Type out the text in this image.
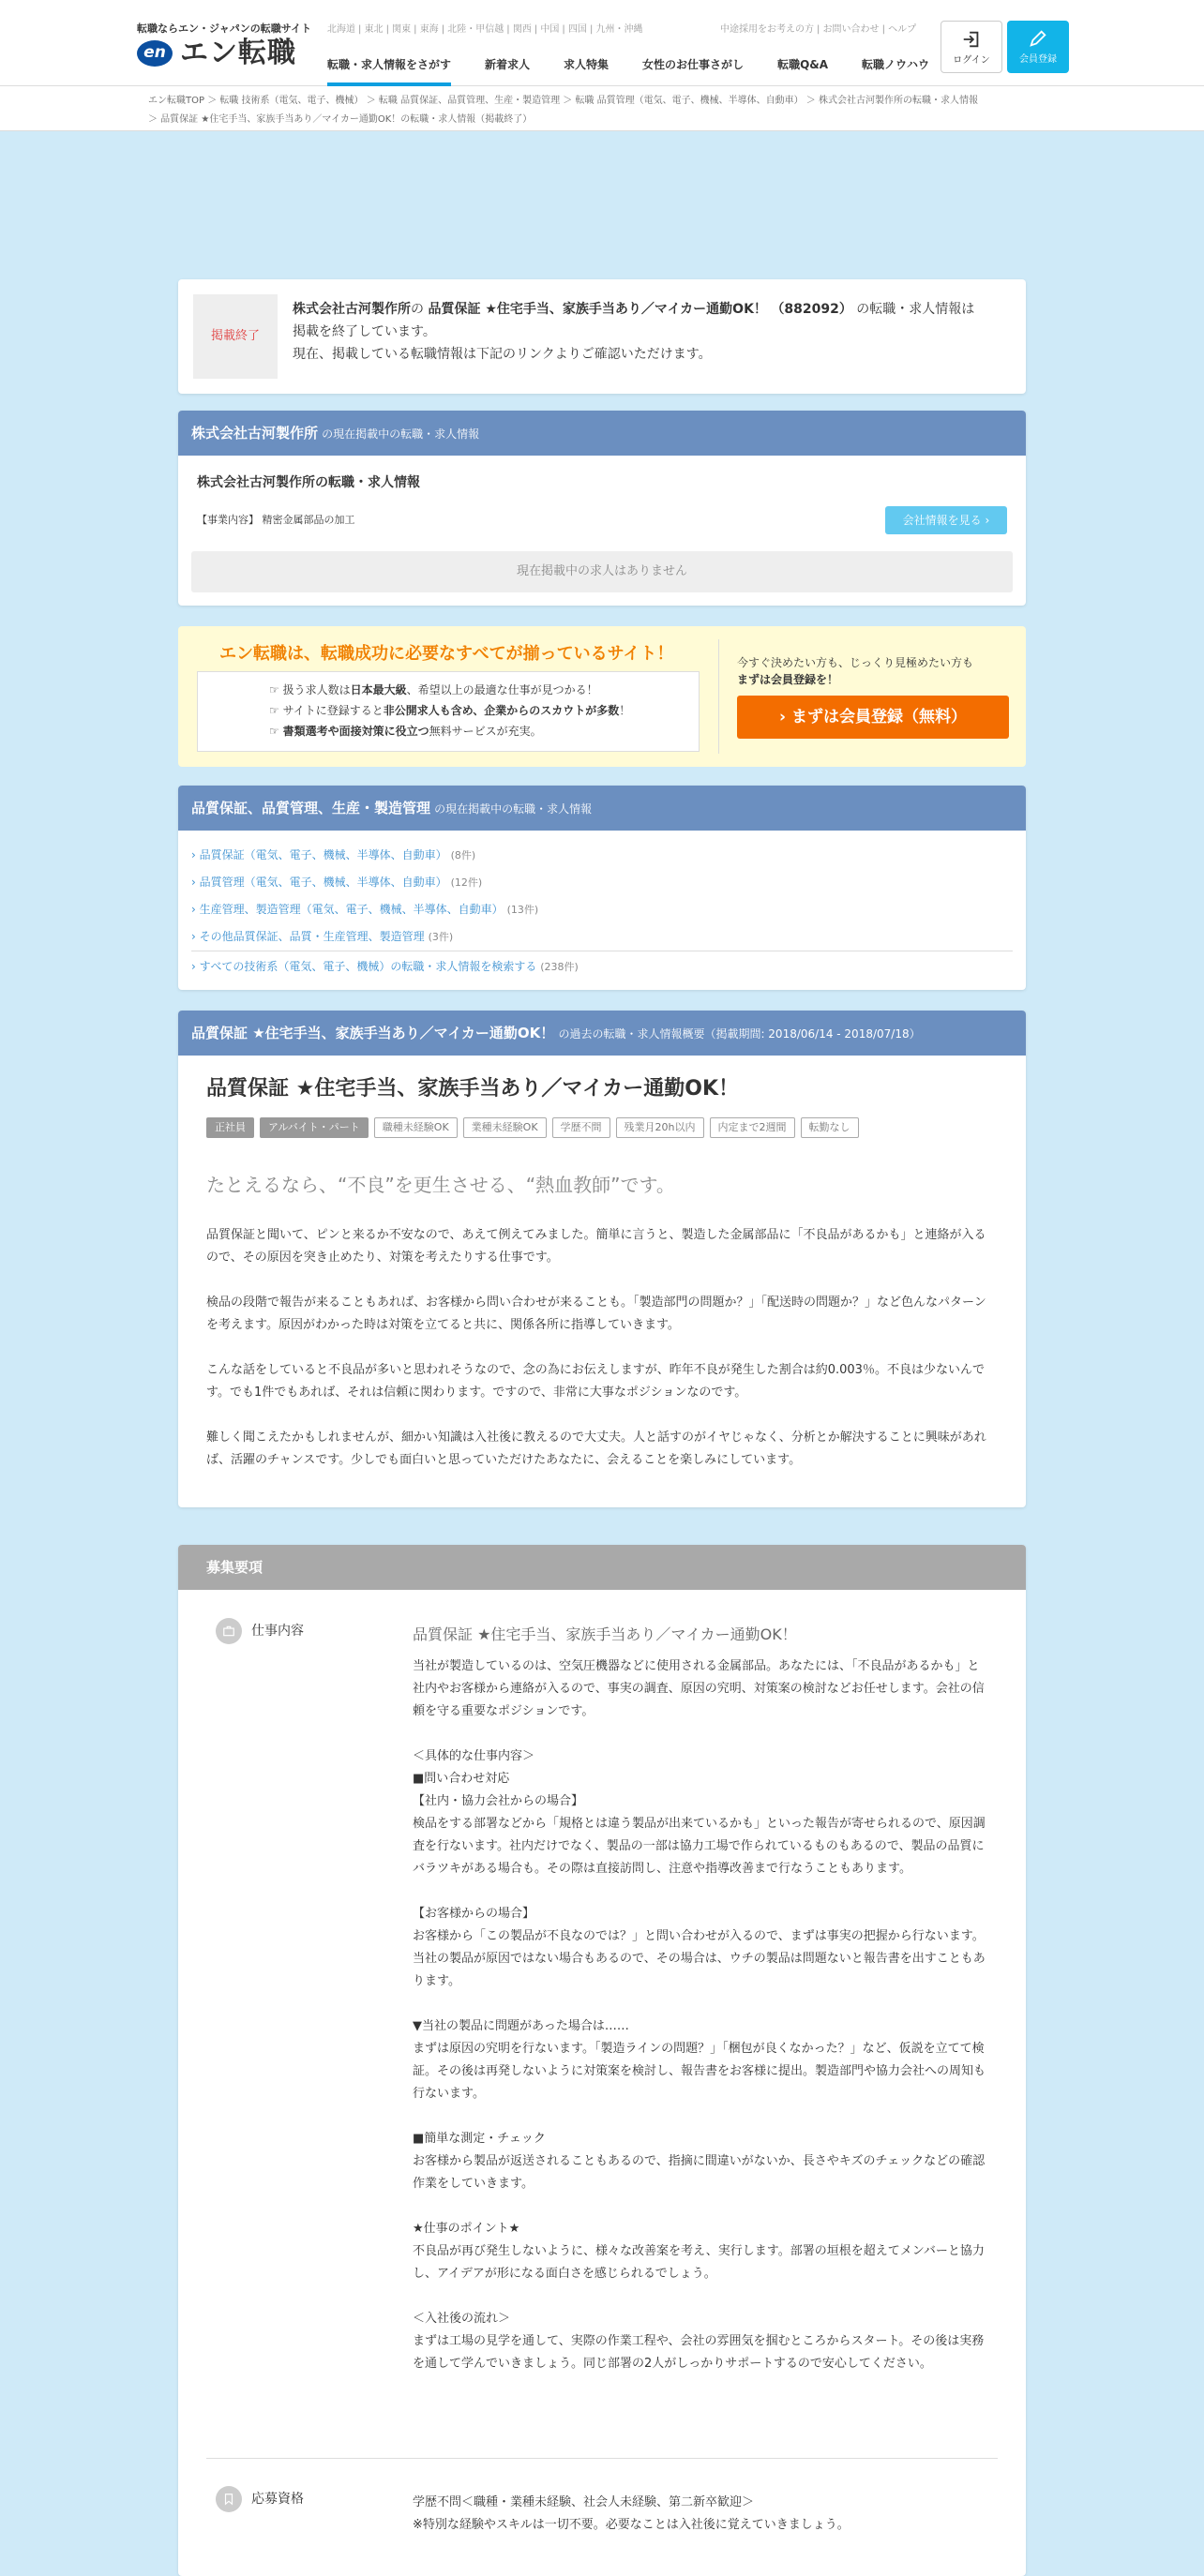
転職ならエン・ジャパンの転職サイト
en エン転職
北海道 | 東北 | 関東 | 東海 | 北陸・甲信越 | 関西 | 中国 | 四国 | 九州・沖縄	中途採用をお考えの方 | お問い合わせ | ヘルプ
転職・求人情報をさがす	新着求人	求人特集	女性のお仕事さがし	転職Q&A	転職ノウハウ	ログイン	会員登録
エン転職TOP ＞ 転職 技術系（電気、電子、機械） ＞ 転職 品質保証、品質管理、生産・製造管理 ＞ 転職 品質管理（電気、電子、機械、半導体、自動車） ＞ 株式会社古河製作所の転職・求人情報
＞ 品質保証 ★住宅手当、家族手当あり／マイカー通勤OK！の転職・求人情報（掲載終了）
掲載終了
株式会社古河製作所の 品質保証 ★住宅手当、家族手当あり／マイカー通勤OK！ （882092） の転職・求人情報は
掲載を終了しています。
現在、掲載している転職情報は下記のリンクよりご確認いただけます。
株式会社古河製作所 の現在掲載中の転職・求人情報
株式会社古河製作所の転職・求人情報
【事業内容】 精密金属部品の加工	会社情報を見る ›
現在掲載中の求人はありません
エン転職は、転職成功に必要なすべてが揃っているサイト！
☞ 扱う求人数は日本最大級、希望以上の最適な仕事が見つかる！
☞ サイトに登録すると非公開求人も含め、企業からのスカウトが多数！
☞ 書類選考や面接対策に役立つ無料サービスが充実。
今すぐ決めたい方も、じっくり見極めたい方も
まずは会員登録を！
› まずは会員登録（無料）
品質保証、品質管理、生産・製造管理 の現在掲載中の転職・求人情報
› 品質保証（電気、電子、機械、半導体、自動車） (8件)
› 品質管理（電気、電子、機械、半導体、自動車） (12件)
› 生産管理、製造管理（電気、電子、機械、半導体、自動車） (13件)
› その他品質保証、品質・生産管理、製造管理 (3件)
› すべての技術系（電気、電子、機械）の転職・求人情報を検索する (238件)
品質保証 ★住宅手当、家族手当あり／マイカー通勤OK！ の過去の転職・求人情報概要（掲載期間: 2018/06/14 - 2018/07/18）
品質保証 ★住宅手当、家族手当あり／マイカー通勤OK！
正社員	アルバイト・パート	職種未経験OK	業種未経験OK	学歴不問	残業月20h以内	内定まで2週間	転勤なし
たとえるなら、“不良”を更生させる、“熱血教師”です。

品質保証と聞いて、ピンと来るか不安なので、あえて例えてみました。簡単に言うと、製造した金属部品に「不良品があるかも」と連絡が入るので、その原因を突き止めたり、対策を考えたりする仕事です。

検品の段階で報告が来ることもあれば、お客様から問い合わせが来ることも。「製造部門の問題か？」「配送時の問題か？」など色んなパターンを考えます。原因がわかった時は対策を立てると共に、関係各所に指導していきます。

こんな話をしていると不良品が多いと思われそうなので、念の為にお伝えしますが、昨年不良が発生した割合は約0.003％。不良は少ないんです。でも1件でもあれば、それは信頼に関わります。ですので、非常に大事なポジションなのです。

難しく聞こえたかもしれませんが、細かい知識は入社後に教えるので大丈夫。人と話すのがイヤじゃなく、分析とか解決することに興味があれば、活躍のチャンスです。少しでも面白いと思っていただけたあなたに、会えることを楽しみにしています。

募集要項
仕事内容	品質保証 ★住宅手当、家族手当あり／マイカー通勤OK！
当社が製造しているのは、空気圧機器などに使用される金属部品。あなたには、「不良品があるかも」と社内やお客様から連絡が入るので、事実の調査、原因の究明、対策案の検討などお任せします。会社の信頼を守る重要なポジションです。
＜具体的な仕事内容＞
■問い合わせ対応
【社内・協力会社からの場合】
検品をする部署などから「規格とは違う製品が出来ているかも」といった報告が寄せられるので、原因調査を行ないます。社内だけでなく、製品の一部は協力工場で作られているものもあるので、製品の品質にバラツキがある場合も。その際は直接訪問し、注意や指導改善まで行なうこともあります。
【お客様からの場合】
お客様から「この製品が不良なのでは？」と問い合わせが入るので、まずは事実の把握から行ないます。当社の製品が原因ではない場合もあるので、その場合は、ウチの製品は問題ないと報告書を出すこともあります。
▼当社の製品に問題があった場合は……
まずは原因の究明を行ないます。「製造ラインの問題？」「梱包が良くなかった？」など、仮説を立てて検証。その後は再発しないように対策案を検討し、報告書をお客様に提出。製造部門や協力会社への周知も行ないます。
■簡単な測定・チェック
お客様から製品が返送されることもあるので、指摘に間違いがないか、長さやキズのチェックなどの確認作業をしていきます。
★仕事のポイント★
不良品が再び発生しないように、様々な改善案を考え、実行します。部署の垣根を超えてメンバーと協力し、アイデアが形になる面白さを感じられるでしょう。
＜入社後の流れ＞
まずは工場の見学を通して、実際の作業工程や、会社の雰囲気を掴むところからスタート。その後は実務を通して学んでいきましょう。同じ部署の2人がしっかりサポートするので安心してください。
応募資格	学歴不問＜職種・業種未経験、社会人未経験、第二新卒歓迎＞
※特別な経験やスキルは一切不要。必要なことは入社後に覚えていきましょう。
